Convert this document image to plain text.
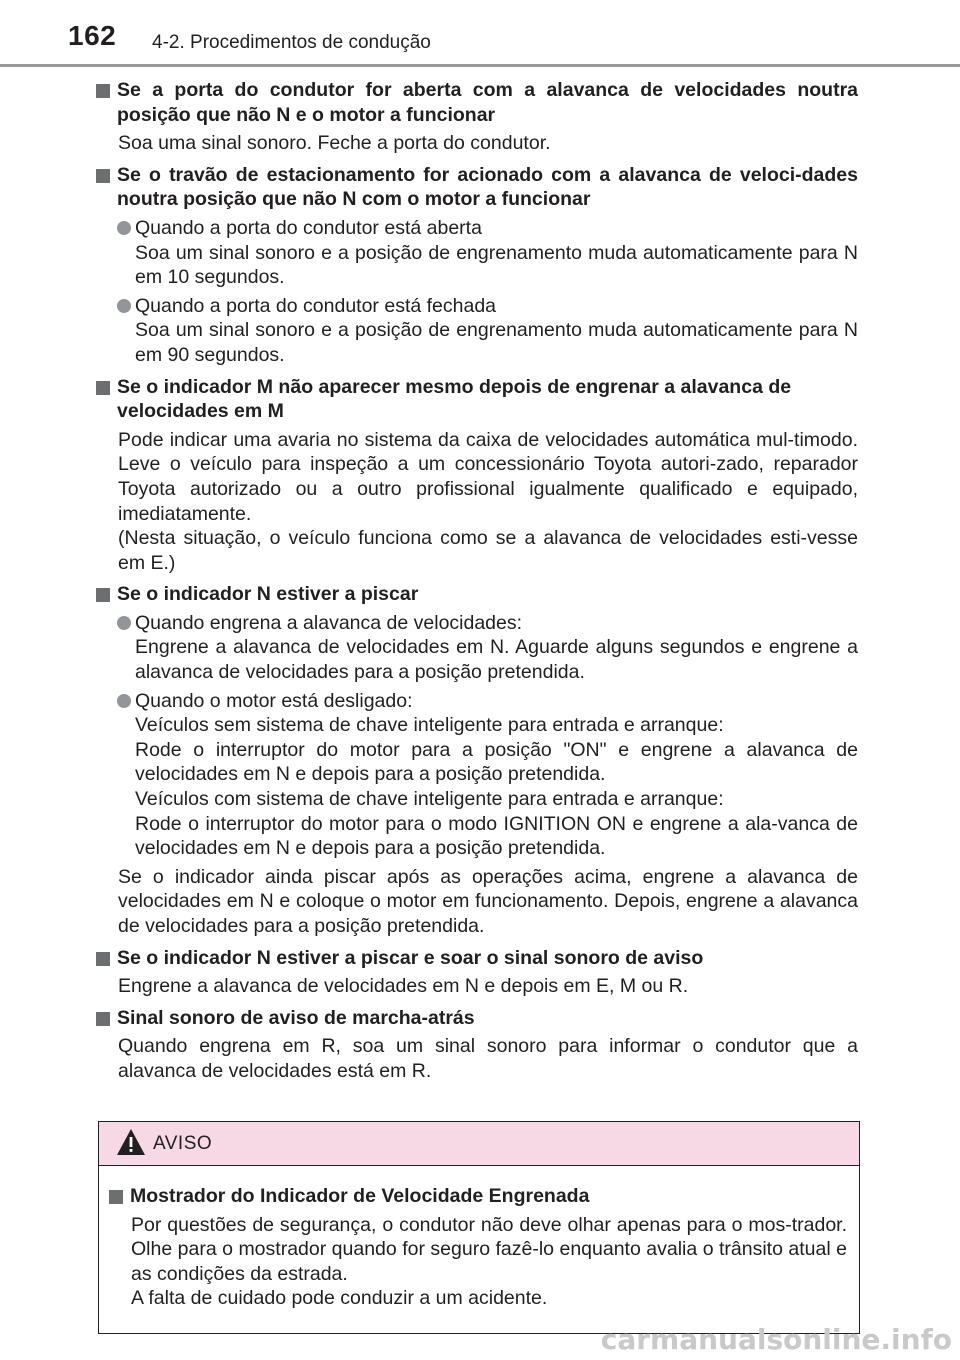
162 4-2. Procedimentos de condução
Se a porta do condutor for aberta com a alavanca de velocidades noutra posição que não N e o motor a funcionar
Soa uma sinal sonoro. Feche a porta do condutor.
Se o travão de estacionamento for acionado com a alavanca de veloci-dades noutra posição que não N com o motor a funcionar
Quando a porta do condutor está aberta
Soa um sinal sonoro e a posição de engrenamento muda automaticamente para N em 10 segundos.
Quando a porta do condutor está fechada
Soa um sinal sonoro e a posição de engrenamento muda automaticamente para N em 90 segundos.
Se o indicador M não aparecer mesmo depois de engrenar a alavanca de velocidades em M
Pode indicar uma avaria no sistema da caixa de velocidades automática mul-timodo. Leve o veículo para inspeção a um concessionário Toyota autori-zado, reparador Toyota autorizado ou a outro profissional igualmente qualificado e equipado, imediatamente.
(Nesta situação, o veículo funciona como se a alavanca de velocidades esti-vesse em E.)
Se o indicador N estiver a piscar
Quando engrena a alavanca de velocidades:
Engrene a alavanca de velocidades em N. Aguarde alguns segundos e engrene a alavanca de velocidades para a posição pretendida.
Quando o motor está desligado:
Veículos sem sistema de chave inteligente para entrada e arranque:
Rode o interruptor do motor para a posição "ON" e engrene a alavanca de velocidades em N e depois para a posição pretendida.
Veículos com sistema de chave inteligente para entrada e arranque:
Rode o interruptor do motor para o modo IGNITION ON e engrene a ala-vanca de velocidades em N e depois para a posição pretendida.
Se o indicador ainda piscar após as operações acima, engrene a alavanca de velocidades em N e coloque o motor em funcionamento. Depois, engrene a alavanca de velocidades para a posição pretendida.
Se o indicador N estiver a piscar e soar o sinal sonoro de aviso
Engrene a alavanca de velocidades em N e depois em E, M ou R.
Sinal sonoro de aviso de marcha-atrás
Quando engrena em R, soa um sinal sonoro para informar o condutor que a alavanca de velocidades está em R.
AVISO
Mostrador do Indicador de Velocidade Engrenada
Por questões de segurança, o condutor não deve olhar apenas para o mos-trador. Olhe para o mostrador quando for seguro fazê-lo enquanto avalia o trânsito atual e as condições da estrada.
A falta de cuidado pode conduzir a um acidente.
carmanualsonline.info
